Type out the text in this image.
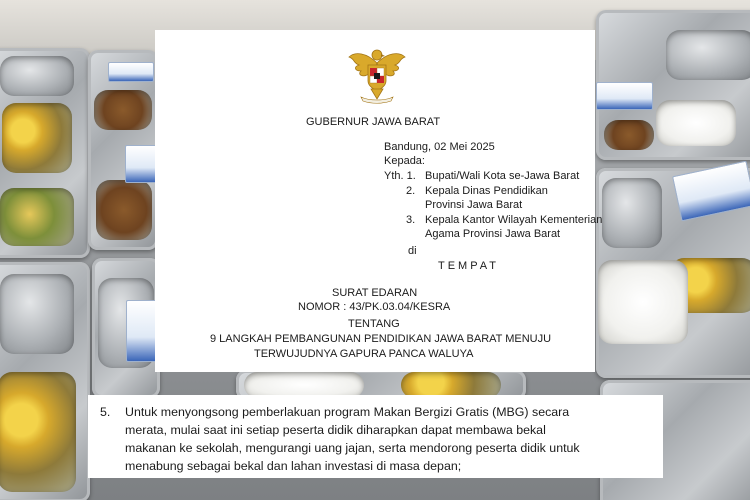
GUBERNUR JAWA BARAT
Bandung, 02 Mei 2025
Kepada:
Yth. 1. Bupati/Wali Kota se-Jawa Barat
2. Kepala Dinas Pendidikan
Provinsi Jawa Barat
3. Kepala Kantor Wilayah Kementerian
Agama Provinsi Jawa Barat
di
TEMPAT
SURAT EDARAN
NOMOR : 43/PK.03.04/KESRA
TENTANG
9 LANGKAH PEMBANGUNAN PENDIDIKAN JAWA BARAT MENUJU
TERWUJUDNYA GAPURA PANCA WALUYA
5. Untuk menyongsong pemberlakuan program Makan Bergizi Gratis (MBG) secara
merata, mulai saat ini setiap peserta didik diharapkan dapat membawa bekal
makanan ke sekolah, mengurangi uang jajan, serta mendorong peserta didik untuk
menabung sebagai bekal dan lahan investasi di masa depan;
